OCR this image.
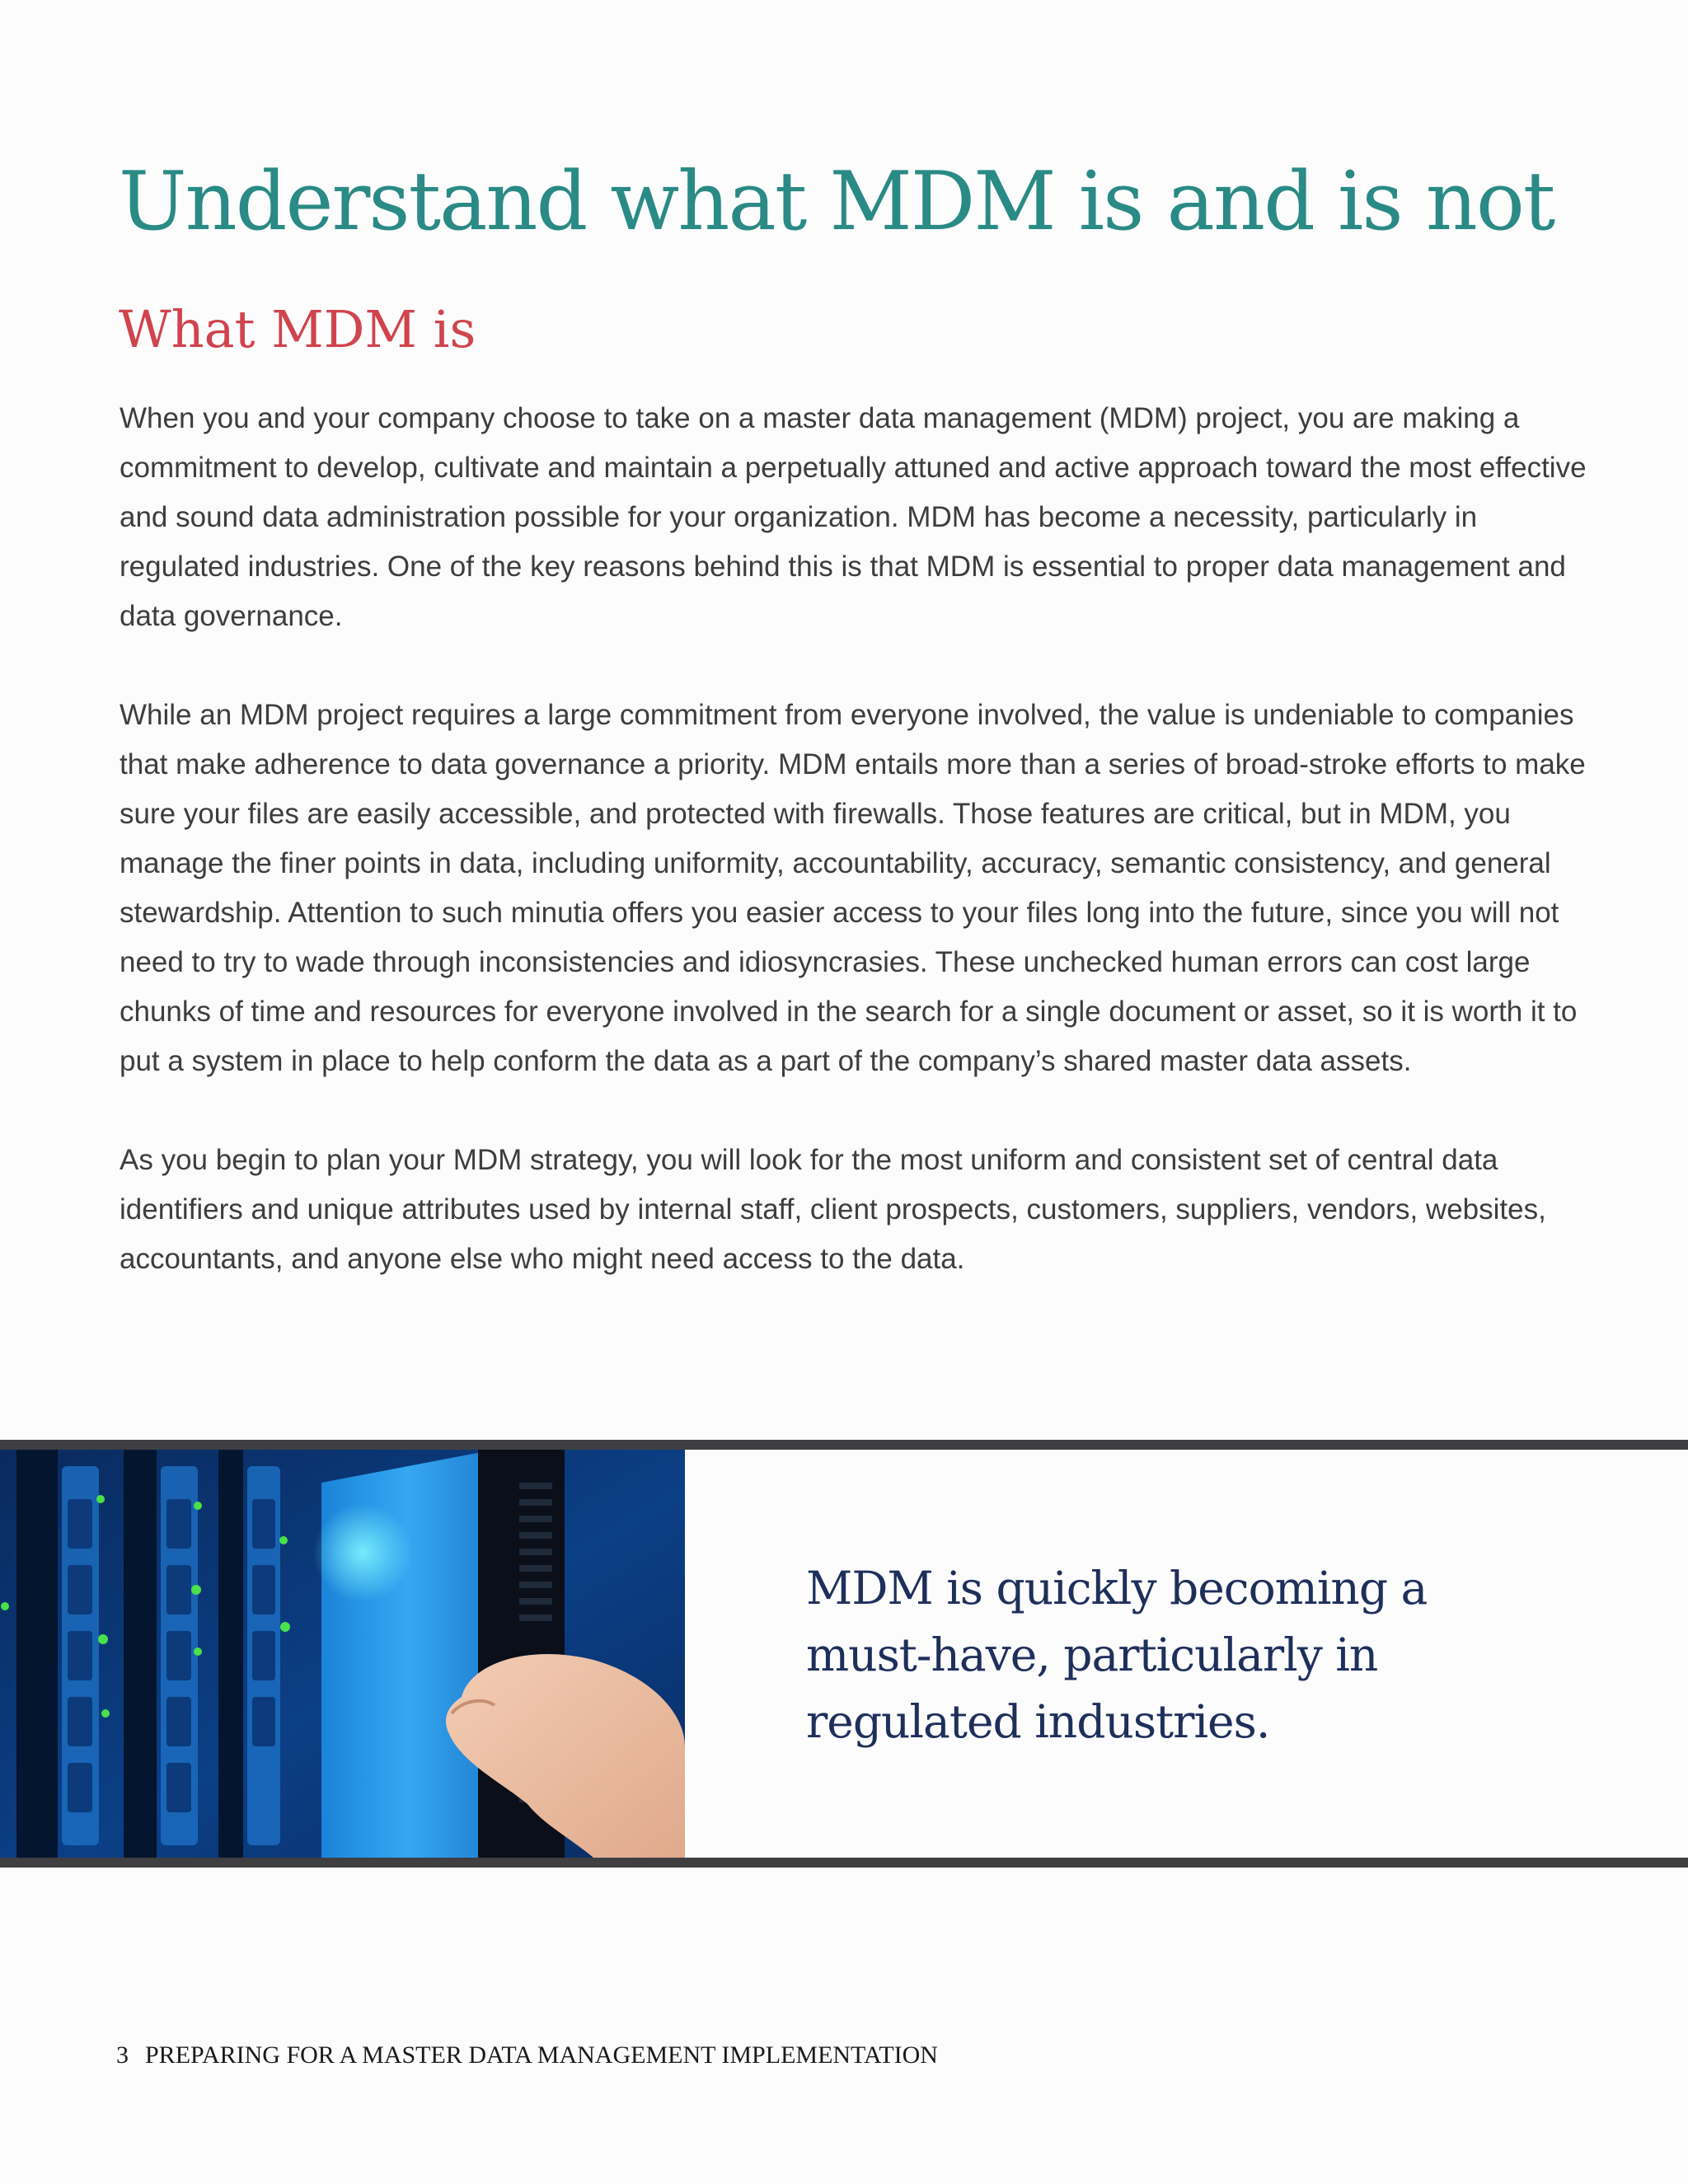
Understand what MDM is and is not
What MDM is

When you and your company choose to take on a master data management (MDM) project, you are making a commitment to develop, cultivate and maintain a perpetually attuned and active approach toward the most effective and sound data administration possible for your organization. MDM has become a necessity, particularly in regulated industries. One of the key reasons behind this is that MDM is essential to proper data management and data governance.

While an MDM project requires a large commitment from everyone involved, the value is undeniable to companies that make adherence to data governance a priority. MDM entails more than a series of broad-stroke efforts to make sure your files are easily accessible, and protected with firewalls. Those features are critical, but in MDM, you manage the finer points in data, including uniformity, accountability, accuracy, semantic consistency, and general stewardship. Attention to such minutia offers you easier access to your files long into the future, since you will not need to try to wade through inconsistencies and idiosyncrasies. These unchecked human errors can cost large chunks of time and resources for everyone involved in the search for a single document or asset, so it is worth it to put a system in place to help conform the data as a part of the company’s shared master data assets.

As you begin to plan your MDM strategy, you will look for the most uniform and consistent set of central data identifiers and unique attributes used by internal staff, client prospects, customers, suppliers, vendors, websites, accountants, and anyone else who might need access to the data.

MDM is quickly becoming a must-have, particularly in regulated industries.

3 PREPARING FOR A MASTER DATA MANAGEMENT IMPLEMENTATION
